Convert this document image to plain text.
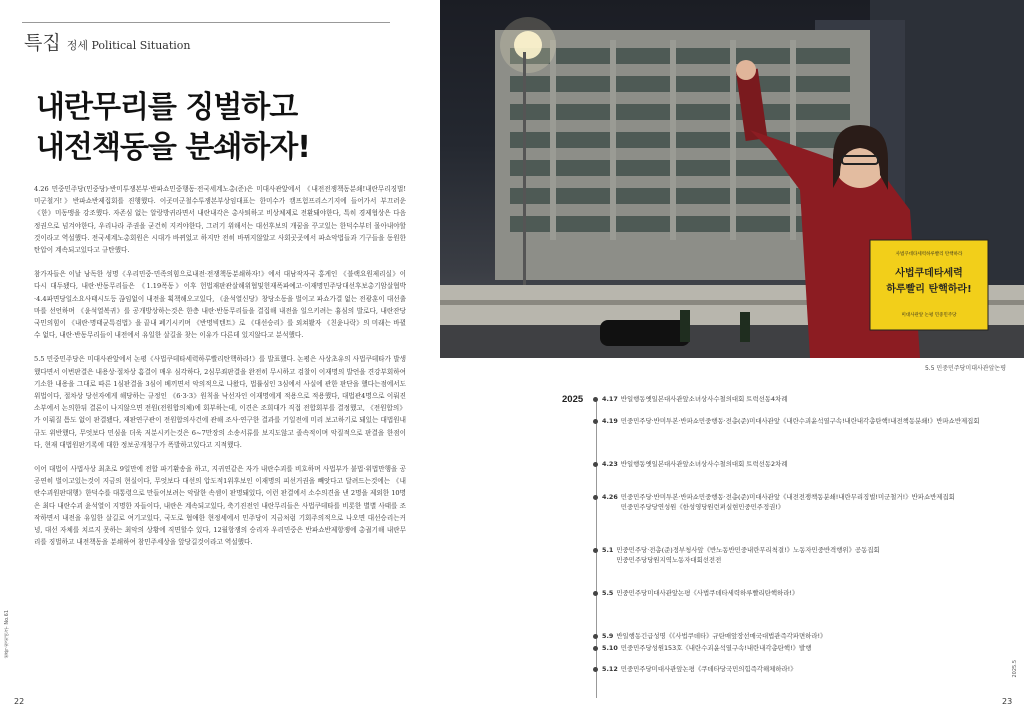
특집 정세 Political Situation
내란무리를 징벌하고
내전책동을 분쇄하자!

4.26 민중민주당(민중당)·반미투쟁본부·반파쇼민중행동·전국세계노총(준)은 미대사관앞에서 《내전전쟁책동분쇄!내란무리징벌!미군철거!》반파쇼반제집회를 진행했다. 이곳미군철수투쟁본부상임대표는 한미수가 캠프험프리스기지에 들어가서 부끄러운 《한》미동맹을 강조했다. 자존심 없는 알랑방귀라면서 내란내각은 총사퇴하고 비상체제로 전환돼야한다, 특히 경제협상은 다음 정권으로 넘겨야한다, 우리나라 주권을 굳건히 지켜야한다, 그러기 위해서는 대선후보의 개꿈을 꾸고있는 한덕수부터 몰아내야할것이라고 역설했다. 전국세계노총회원은 시대가 바뀌었고 하지만 전히 바뀌지않았고 사회곳곳에서 파쇼악법들과 기구들을 동원한 탄압이 계속되고있다고 규탄했다.

참가자들은 이날 낭독한 성명《우리민중·민족의힘으로내전·전쟁책동분쇄하자!》에서 대남작자국 홍게인 《블랙요원제리실》이 다시 대두됐다, 내란·반동무리들은 《1.19폭동》이후 헌법재판관살해위협및헌재폭파예고·이재명민주당대선후보총기암살협박·4.4파면당일소요사태시도등 끊임없이 내전을 획책해오고있다, 《윤석열신당》창당소동을 벌이고 파쇼가결 없는 전광훈이 대선출마를 선언하며 《윤석열복귀》를 공개방상하는것은 한층 내란·반동무리들을 결집해 내전을 일으키려는 흉심의 발로다, 내란잔당 국민의힘이 《내란·명태균특검법》을 끝내 폐기시키며 《반명빅텐트》로 《대선승리》를 외쳐봤자 《친윤나락》의 미래는 바뀔수 없다, 내란·반동무리들이 내전에서 유일한 살길을 찾는 이유가 다른데 있지않다고 분석했다.

5.5 민중민주당은 미대사관앞에서 논평《사법쿠데타세력하루빨리탄핵하라!》를 발표했다. 논평은 사상초유의 사법쿠데타가 발생했다면서 이번판결은 내용상·절차상 흠결이 매우 심각하다, 2심무죄판결을 완전히 무시하고 검찰이 이재명의 발언을 견강부회하여 기소한 내용을 그대로 따른 1심판결을 3심이 베끼면서 악의적으로 나왔다, 법률심인 3심에서 사실에 관한 판단을 했다는점에서도 위법이다, 절차상 당선자에게 해당하는 규정인 《6·3·3》원칙을 낙선자인 이재명에게 적용으로 적용했다, 대법관4명으로 이뤄진 소부에서 논의한뒤 결론이 나지않으면 전원(전원합의체)에 회부하는데, 이견은 조희대가 직접 전합회부를 결정했고, 《전원합의》가 이뤄질 틈도 없이 판결됐다, 재판연구관이 전원합의사건에 관해 조사·연구한 결과를 기일전에 미리 보고하기로 돼있는 대법원내규도 위반했다, 무엇보다 민심을 더욱 저분시키는것은 6~7만장의 소송서류를 보지도않고 졸속적이며 악질적으로 판결을 한점이다, 현재 대법원판기록에 대한 정보공개청구가 폭발하고있다고 지적했다.

이어 대법이 사법사상 최초로 9일만에 전합 파기환송을 하고, 지귀연같은 자가 내란수괴를 비호하며 사법부가 불법·위법만행을 공공연히 벌이고있는것이 지금의 현실이다, 무엇보다 대선의 압도적1위후보인 이재명의 피선거권을 빼앗다고 달려드는것에는 《내란수괴원판대행》한덕수를 대통령으로 만들어보려는 악랄한 속셈이 판명돼있다, 이런 판결에서 소수의견을 낸 2명을 제외한 10명은 최다 내란수괴 윤석열이 지명한 자들이다, 내란은 계속되고있다, 축기진전인 내란무리들은 사법쿠데타를 비롯한 별별 사태를 조작하면서 내전을 유일한 살길로 여기고있다, 국도로 협애한 현정세에서 민주당이 지금처럼 기회주의적으로 나오면 대선승리는커녕, 대선 자체를 치르지 못하는 최악의 상황에 직면할수 있다, 12월항쟁의 승리자 우리민중은 반파쇼반제항쟁에 총궐기해 내란무리를 징벌하고 내전책동을 분쇄하여 참민주세상을 앞당길것이라고 역설했다.

철학·정치연구 No.61
22
사법쿠데타세력하루빨리 탄핵하라
사법쿠데타세력
하루빨리 탄핵하라!
미대사관앞 논평 민중민주당
5.5 민중민주당미대사관앞논평
2025	4.17 반일행동옛일본대사관앞소녀상사수철의대회 트럭선동4차례
4.19 민중민주당·반미투본·반파쇼민중행동·전총(준)미대사관앞《내란수괴윤석열구속!내란내각총탄핵!내전책동분쇄!》반파쇼반제집회
4.23 반일행동옛일본대사관앞소녀상사수철의대회 트럭선동2차례
4.26 민중민주당·반미투본·반파쇼민중행동·전총(준)미대사관앞《내전전쟁책동분쇄!내란무리징벌!미군철거!》반파쇼반제집회
민중민주당당연성원《한성영당원런펴실현민중민주정권!》
5.1 민중민주당·전총(준)정부청사앞《반노동반민중내란무리척결!》노동자민중반격행위》공동집회
민중민주당당원지역노동자대회선전전
5.5 민중민주당미대사관앞논평《사법쿠데타세력하루빨리탄핵하라!》
5.9 반일행동긴급성명《《사법쿠데타》규탄매앞장선매국대법관즉각파면하라!》
5.10 민중민주당성원153호《내란수괴윤석열구속!내란내각총탄핵!》발행
5.12 민중민주당미대사관앞논평《쿠데타당국민의힘즉각해체하라!》	2025.5
23
